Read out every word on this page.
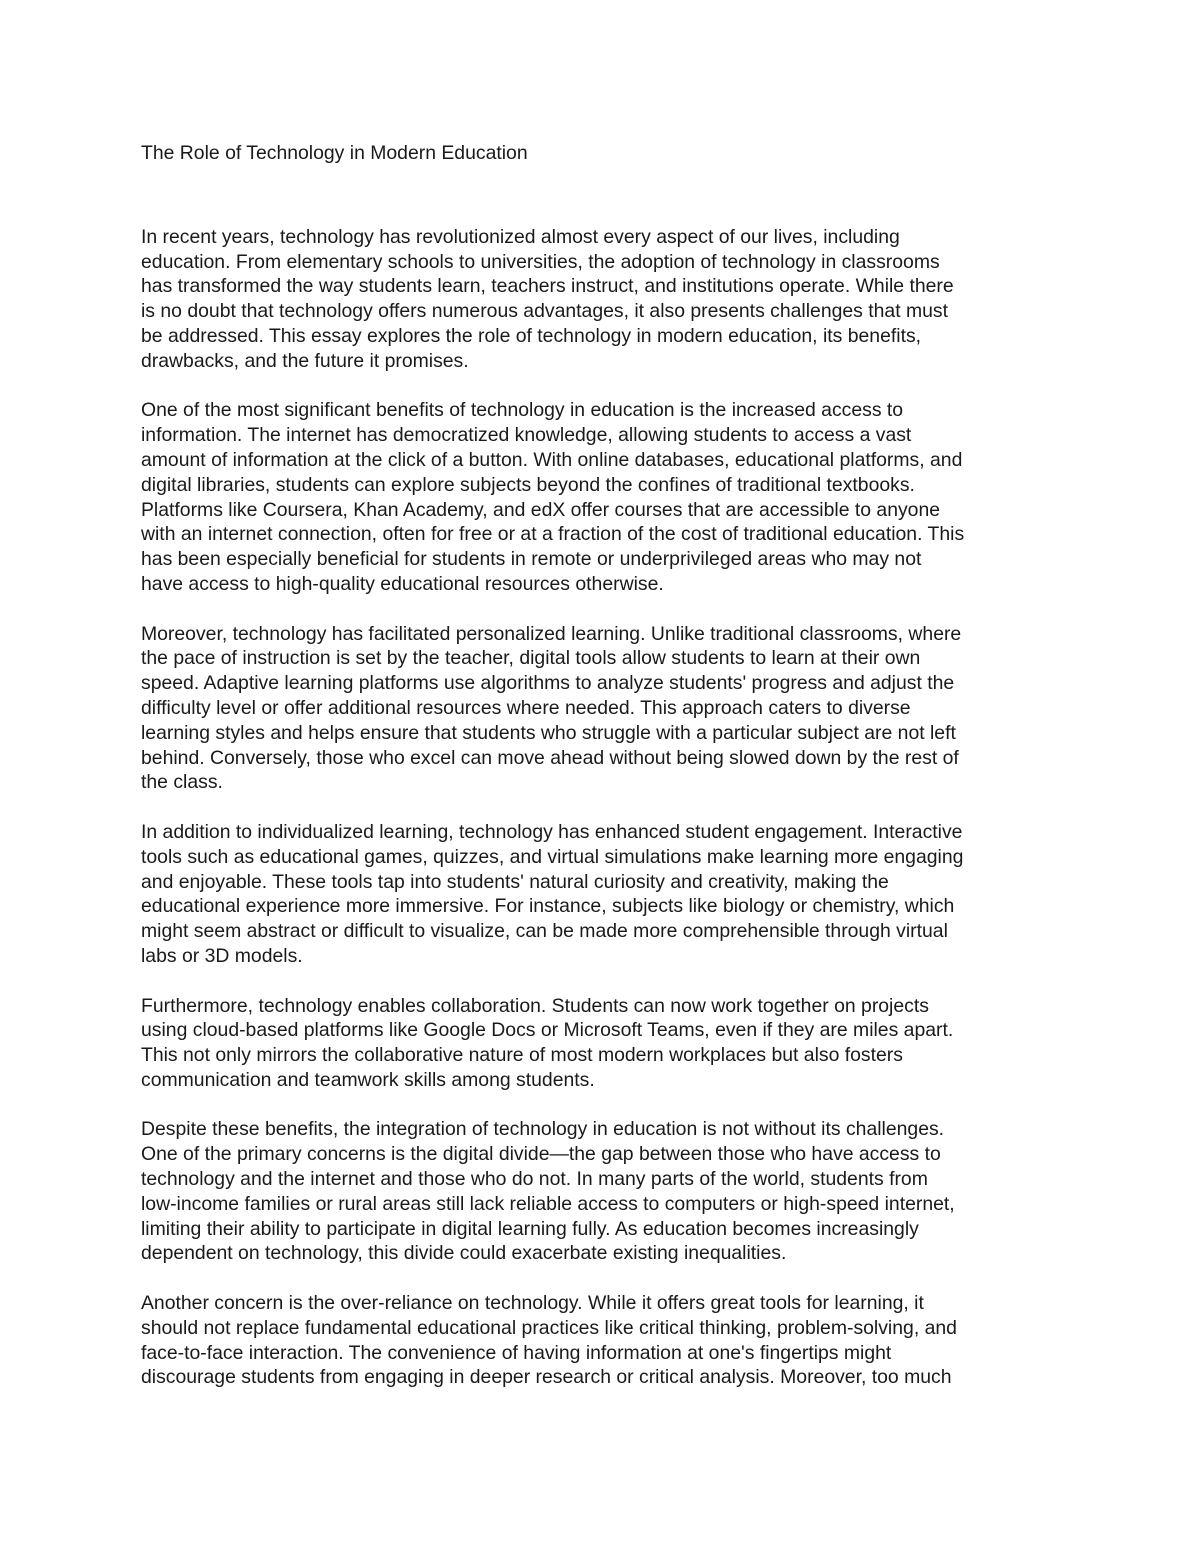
The Role of Technology in Modern Education

In recent years, technology has revolutionized almost every aspect of our lives, including
education. From elementary schools to universities, the adoption of technology in classrooms
has transformed the way students learn, teachers instruct, and institutions operate. While there
is no doubt that technology offers numerous advantages, it also presents challenges that must
be addressed. This essay explores the role of technology in modern education, its benefits,
drawbacks, and the future it promises.

One of the most significant benefits of technology in education is the increased access to
information. The internet has democratized knowledge, allowing students to access a vast
amount of information at the click of a button. With online databases, educational platforms, and
digital libraries, students can explore subjects beyond the confines of traditional textbooks.
Platforms like Coursera, Khan Academy, and edX offer courses that are accessible to anyone
with an internet connection, often for free or at a fraction of the cost of traditional education. This
has been especially beneficial for students in remote or underprivileged areas who may not
have access to high-quality educational resources otherwise.

Moreover, technology has facilitated personalized learning. Unlike traditional classrooms, where
the pace of instruction is set by the teacher, digital tools allow students to learn at their own
speed. Adaptive learning platforms use algorithms to analyze students' progress and adjust the
difficulty level or offer additional resources where needed. This approach caters to diverse
learning styles and helps ensure that students who struggle with a particular subject are not left
behind. Conversely, those who excel can move ahead without being slowed down by the rest of
the class.

In addition to individualized learning, technology has enhanced student engagement. Interactive
tools such as educational games, quizzes, and virtual simulations make learning more engaging
and enjoyable. These tools tap into students' natural curiosity and creativity, making the
educational experience more immersive. For instance, subjects like biology or chemistry, which
might seem abstract or difficult to visualize, can be made more comprehensible through virtual
labs or 3D models.

Furthermore, technology enables collaboration. Students can now work together on projects
using cloud-based platforms like Google Docs or Microsoft Teams, even if they are miles apart.
This not only mirrors the collaborative nature of most modern workplaces but also fosters
communication and teamwork skills among students.

Despite these benefits, the integration of technology in education is not without its challenges.
One of the primary concerns is the digital divide—the gap between those who have access to
technology and the internet and those who do not. In many parts of the world, students from
low-income families or rural areas still lack reliable access to computers or high-speed internet,
limiting their ability to participate in digital learning fully. As education becomes increasingly
dependent on technology, this divide could exacerbate existing inequalities.

Another concern is the over-reliance on technology. While it offers great tools for learning, it
should not replace fundamental educational practices like critical thinking, problem-solving, and
face-to-face interaction. The convenience of having information at one's fingertips might
discourage students from engaging in deeper research or critical analysis. Moreover, too much
